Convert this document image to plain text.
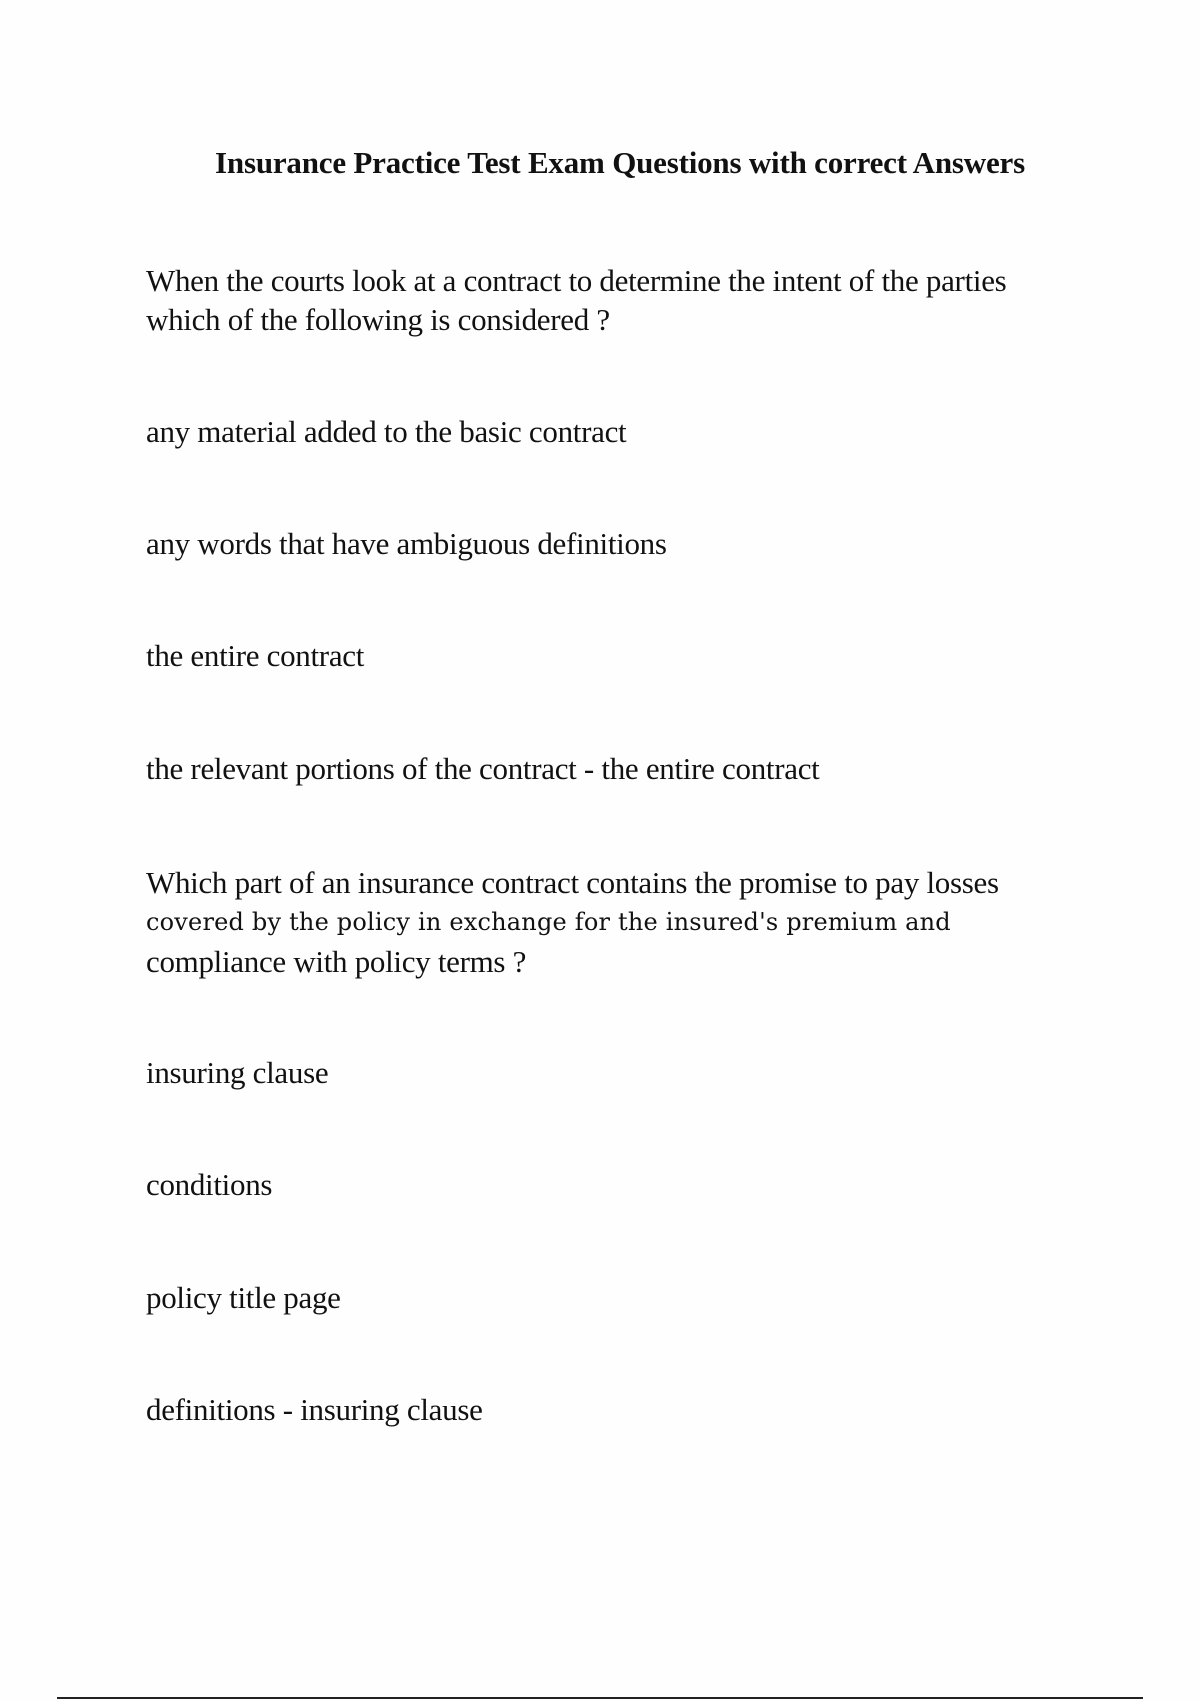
Insurance Practice Test Exam Questions with correct Answers
When the courts look at a contract to determine the intent of the parties
which of the following is considered ?
any material added to the basic contract
any words that have ambiguous definitions
the entire contract
the relevant portions of the contract - the entire contract
Which part of an insurance contract contains the promise to pay losses
covered by the policy in exchange for the insured's premium and
compliance with policy terms ?
insuring clause
conditions
policy title page
definitions - insuring clause
